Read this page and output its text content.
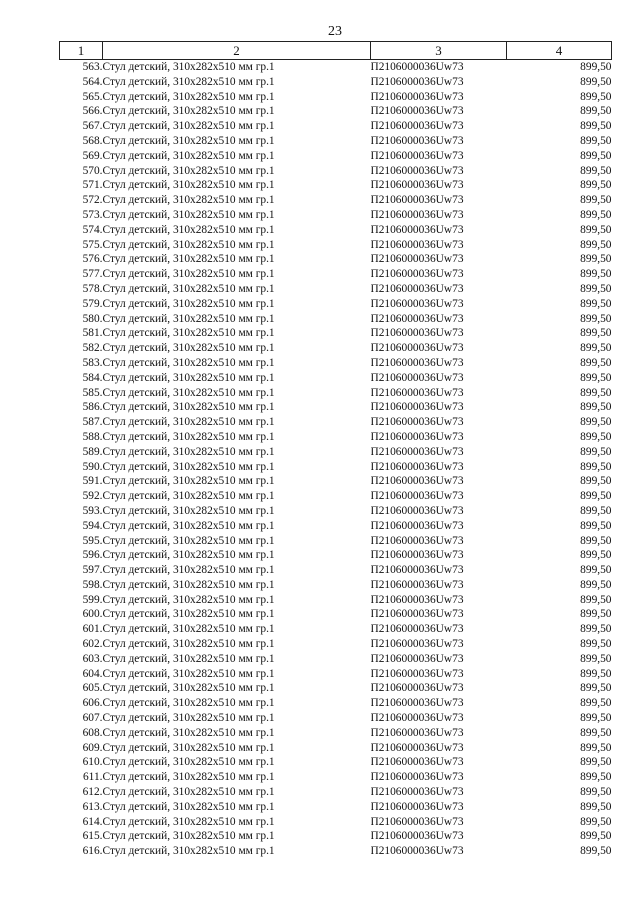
23
1	2	3	4
563.	Стул детский, 310х282х510 мм гр.1	П2106000036Uw73	899,50
564.	Стул детский, 310х282х510 мм гр.1	П2106000036Uw73	899,50
565.	Стул детский, 310х282х510 мм гр.1	П2106000036Uw73	899,50
566.	Стул детский, 310х282х510 мм гр.1	П2106000036Uw73	899,50
567.	Стул детский, 310х282х510 мм гр.1	П2106000036Uw73	899,50
568.	Стул детский, 310х282х510 мм гр.1	П2106000036Uw73	899,50
569.	Стул детский, 310х282х510 мм гр.1	П2106000036Uw73	899,50
570.	Стул детский, 310х282х510 мм гр.1	П2106000036Uw73	899,50
571.	Стул детский, 310х282х510 мм гр.1	П2106000036Uw73	899,50
572.	Стул детский, 310х282х510 мм гр.1	П2106000036Uw73	899,50
573.	Стул детский, 310х282х510 мм гр.1	П2106000036Uw73	899,50
574.	Стул детский, 310х282х510 мм гр.1	П2106000036Uw73	899,50
575.	Стул детский, 310х282х510 мм гр.1	П2106000036Uw73	899,50
576.	Стул детский, 310х282х510 мм гр.1	П2106000036Uw73	899,50
577.	Стул детский, 310х282х510 мм гр.1	П2106000036Uw73	899,50
578.	Стул детский, 310х282х510 мм гр.1	П2106000036Uw73	899,50
579.	Стул детский, 310х282х510 мм гр.1	П2106000036Uw73	899,50
580.	Стул детский, 310х282х510 мм гр.1	П2106000036Uw73	899,50
581.	Стул детский, 310х282х510 мм гр.1	П2106000036Uw73	899,50
582.	Стул детский, 310х282х510 мм гр.1	П2106000036Uw73	899,50
583.	Стул детский, 310х282х510 мм гр.1	П2106000036Uw73	899,50
584.	Стул детский, 310х282х510 мм гр.1	П2106000036Uw73	899,50
585.	Стул детский, 310х282х510 мм гр.1	П2106000036Uw73	899,50
586.	Стул детский, 310х282х510 мм гр.1	П2106000036Uw73	899,50
587.	Стул детский, 310х282х510 мм гр.1	П2106000036Uw73	899,50
588.	Стул детский, 310х282х510 мм гр.1	П2106000036Uw73	899,50
589.	Стул детский, 310х282х510 мм гр.1	П2106000036Uw73	899,50
590.	Стул детский, 310х282х510 мм гр.1	П2106000036Uw73	899,50
591.	Стул детский, 310х282х510 мм гр.1	П2106000036Uw73	899,50
592.	Стул детский, 310х282х510 мм гр.1	П2106000036Uw73	899,50
593.	Стул детский, 310х282х510 мм гр.1	П2106000036Uw73	899,50
594.	Стул детский, 310х282х510 мм гр.1	П2106000036Uw73	899,50
595.	Стул детский, 310х282х510 мм гр.1	П2106000036Uw73	899,50
596.	Стул детский, 310х282х510 мм гр.1	П2106000036Uw73	899,50
597.	Стул детский, 310х282х510 мм гр.1	П2106000036Uw73	899,50
598.	Стул детский, 310х282х510 мм гр.1	П2106000036Uw73	899,50
599.	Стул детский, 310х282х510 мм гр.1	П2106000036Uw73	899,50
600.	Стул детский, 310х282х510 мм гр.1	П2106000036Uw73	899,50
601.	Стул детский, 310х282х510 мм гр.1	П2106000036Uw73	899,50
602.	Стул детский, 310х282х510 мм гр.1	П2106000036Uw73	899,50
603.	Стул детский, 310х282х510 мм гр.1	П2106000036Uw73	899,50
604.	Стул детский, 310х282х510 мм гр.1	П2106000036Uw73	899,50
605.	Стул детский, 310х282х510 мм гр.1	П2106000036Uw73	899,50
606.	Стул детский, 310х282х510 мм гр.1	П2106000036Uw73	899,50
607.	Стул детский, 310х282х510 мм гр.1	П2106000036Uw73	899,50
608.	Стул детский, 310х282х510 мм гр.1	П2106000036Uw73	899,50
609.	Стул детский, 310х282х510 мм гр.1	П2106000036Uw73	899,50
610.	Стул детский, 310х282х510 мм гр.1	П2106000036Uw73	899,50
611.	Стул детский, 310х282х510 мм гр.1	П2106000036Uw73	899,50
612.	Стул детский, 310х282х510 мм гр.1	П2106000036Uw73	899,50
613.	Стул детский, 310х282х510 мм гр.1	П2106000036Uw73	899,50
614.	Стул детский, 310х282х510 мм гр.1	П2106000036Uw73	899,50
615.	Стул детский, 310х282х510 мм гр.1	П2106000036Uw73	899,50
616.	Стул детский, 310х282х510 мм гр.1	П2106000036Uw73	899,50
